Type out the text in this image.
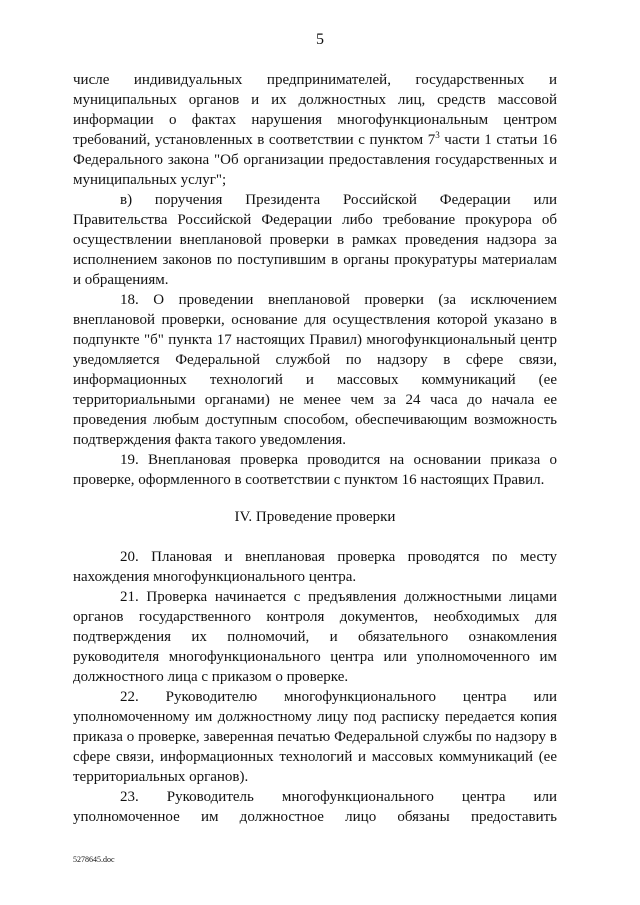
5

числе индивидуальных предпринимателей, государственных и муниципальных органов и их должностных лиц, средств массовой информации о фактах нарушения многофункциональным центром требований, установленных в соответствии с пунктом $7^3$ части 1 статьи 16 Федерального закона "Об организации предоставления государственных и муниципальных услуг";

в) поручения Президента Российской Федерации или Правительства Российской Федерации либо требование прокурора об осуществлении внеплановой проверки в рамках проведения надзора за исполнением законов по поступившим в органы прокуратуры материалам и обращениям.

18. О проведении внеплановой проверки (за исключением внеплановой проверки, основание для осуществления которой указано в подпункте "б" пункта 17 настоящих Правил) многофункциональный центр уведомляется Федеральной службой по надзору в сфере связи, информационных технологий и массовых коммуникаций (ее территориальными органами) не менее чем за 24 часа до начала ее проведения любым доступным способом, обеспечивающим возможность подтверждения факта такого уведомления.

19. Внеплановая проверка проводится на основании приказа о проверке, оформленного в соответствии с пунктом 16 настоящих Правил.

IV. Проведение проверки

20. Плановая и внеплановая проверка проводятся по месту нахождения многофункционального центра.

21. Проверка начинается с предъявления должностными лицами органов государственного контроля документов, необходимых для подтверждения их полномочий, и обязательного ознакомления руководителя многофункционального центра или уполномоченного им должностного лица с приказом о проверке.

22. Руководителю многофункционального центра или уполномоченному им должностному лицу под расписку передается копия приказа о проверке, заверенная печатью Федеральной службы по надзору в сфере связи, информационных технологий и массовых коммуникаций (ее территориальных органов).

23. Руководитель многофункционального центра или уполномоченное им должностное лицо обязаны предоставить

5278645.doc
